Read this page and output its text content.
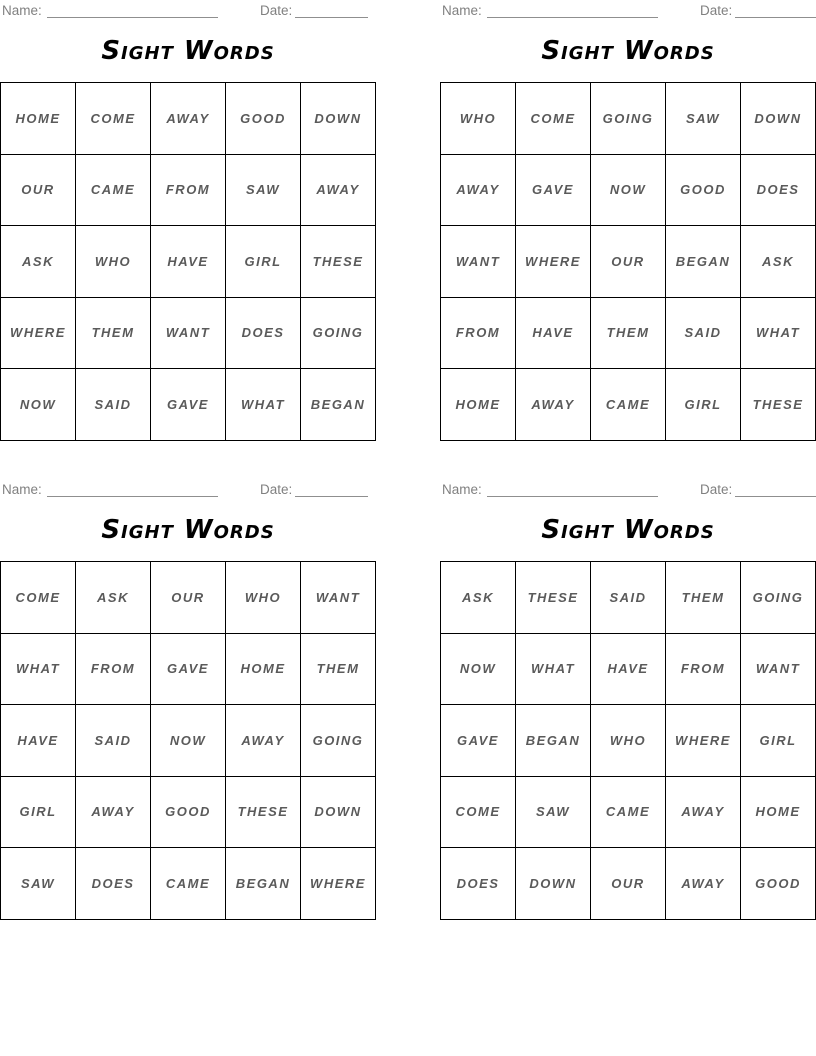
Name:	Date:
Sight Words
HOME	COME	AWAY	GOOD	DOWN
OUR	CAME	FROM	SAW	AWAY
ASK	WHO	HAVE	GIRL	THESE
WHERE	THEM	WANT	DOES	GOING
NOW	SAID	GAVE	WHAT	BEGAN
Name:	Date:
Sight Words
WHO	COME	GOING	SAW	DOWN
AWAY	GAVE	NOW	GOOD	DOES
WANT	WHERE	OUR	BEGAN	ASK
FROM	HAVE	THEM	SAID	WHAT
HOME	AWAY	CAME	GIRL	THESE
Name:	Date:
Sight Words
COME	ASK	OUR	WHO	WANT
WHAT	FROM	GAVE	HOME	THEM
HAVE	SAID	NOW	AWAY	GOING
GIRL	AWAY	GOOD	THESE	DOWN
SAW	DOES	CAME	BEGAN	WHERE
Name:	Date:
Sight Words
ASK	THESE	SAID	THEM	GOING
NOW	WHAT	HAVE	FROM	WANT
GAVE	BEGAN	WHO	WHERE	GIRL
COME	SAW	CAME	AWAY	HOME
DOES	DOWN	OUR	AWAY	GOOD
